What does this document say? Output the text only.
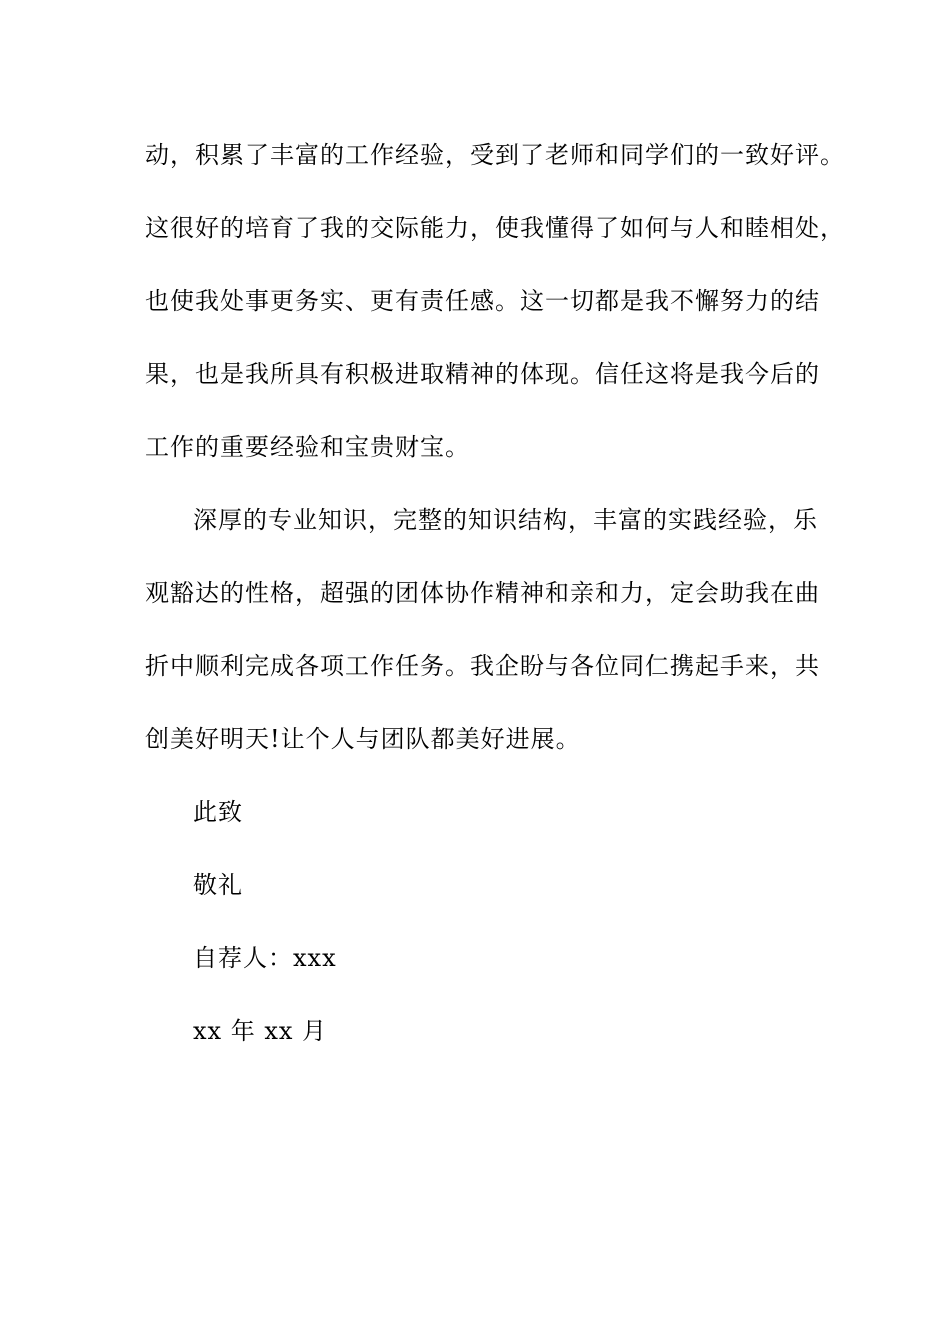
动，积累了丰富的工作经验，受到了老师和同学们的一致好评。
这很好的培育了我的交际能力，使我懂得了如何与人和睦相处，
也使我处事更务实、更有责任感。这一切都是我不懈努力的结
果，也是我所具有积极进取精神的体现。信任这将是我今后的
工作的重要经验和宝贵财宝。
深厚的专业知识，完整的知识结构，丰富的实践经验，乐
观豁达的性格，超强的团体协作精神和亲和力，定会助我在曲
折中顺利完成各项工作任务。我企盼与各位同仁携起手来，共
创美好明天!让个人与团队都美好进展。
此致
敬礼
自荐人：xxx
xx 年 xx 月
